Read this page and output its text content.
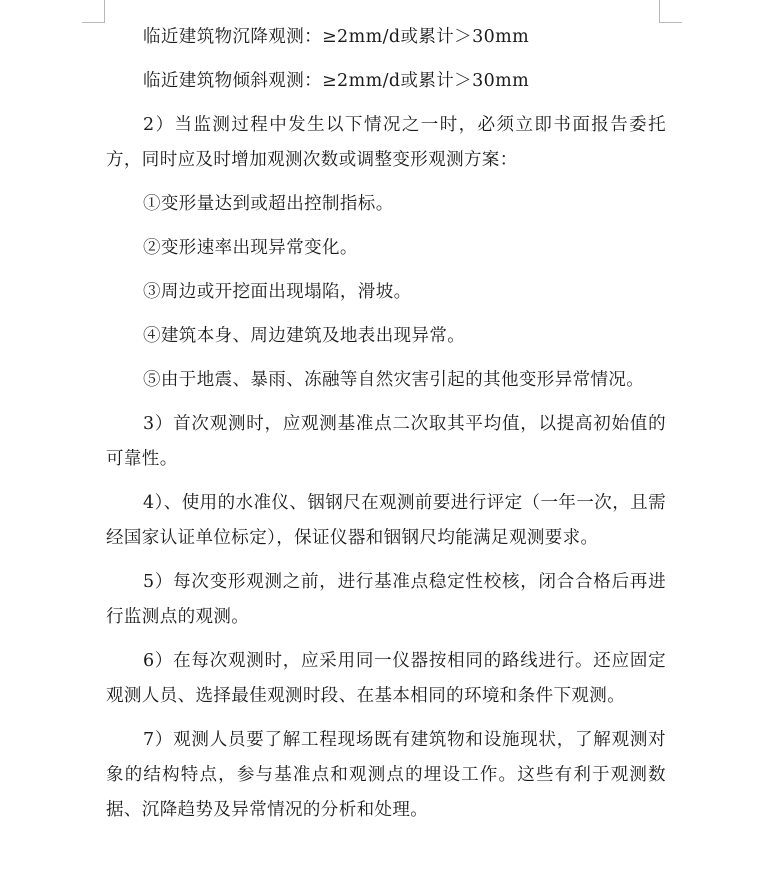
临近建筑物沉降观测：≥2mm/d或累计＞30mm

临近建筑物倾斜观测：≥2mm/d或累计＞30mm

2）当监测过程中发生以下情况之一时，必须立即书面报告委托方，同时应及时增加观测次数或调整变形观测方案：

①变形量达到或超出控制指标。

②变形速率出现异常变化。

③周边或开挖面出现塌陷，滑坡。

④建筑本身、周边建筑及地表出现异常。

⑤由于地震、暴雨、冻融等自然灾害引起的其他变形异常情况。

3）首次观测时，应观测基准点二次取其平均值，以提高初始值的可靠性。

4）、使用的水准仪、铟钢尺在观测前要进行评定（一年一次，且需经国家认证单位标定），保证仪器和铟钢尺均能满足观测要求。

5）每次变形观测之前，进行基准点稳定性校核，闭合合格后再进行监测点的观测。

6）在每次观测时，应采用同一仪器按相同的路线进行。还应固定观测人员、选择最佳观测时段、在基本相同的环境和条件下观测。

7）观测人员要了解工程现场既有建筑物和设施现状，了解观测对象的结构特点，参与基准点和观测点的埋设工作。这些有利于观测数据、沉降趋势及异常情况的分析和处理。
